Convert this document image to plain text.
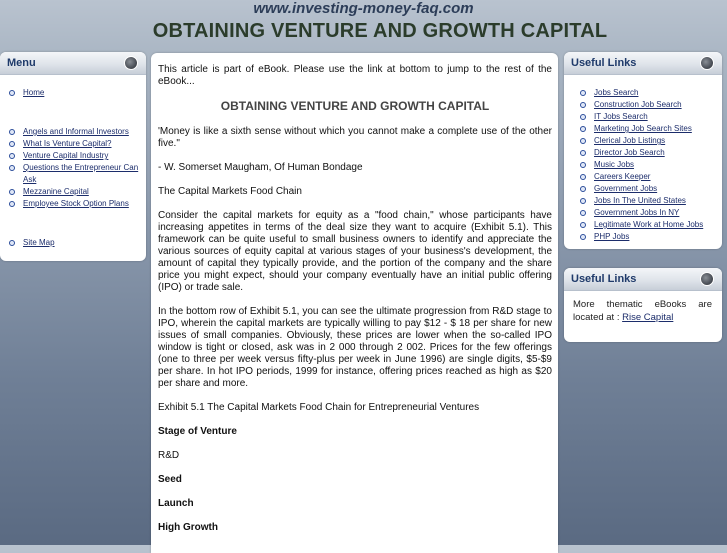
www.investing-money-faq.com
OBTAINING VENTURE AND GROWTH CAPITAL
Menu
Home
Angels and Informal Investors
What Is Venture Capital?
Venture Capital Industry
Questions the Entrepreneur Can Ask
Mezzanine Capital
Employee Stock Option Plans
Site Map

This article is part of eBook. Please use the link at bottom to jump to the rest of the eBook...

OBTAINING VENTURE AND GROWTH CAPITAL

'Money is like a sixth sense without which you cannot make a complete use of the other five."

- W. Somerset Maugham, Of Human Bondage

The Capital Markets Food Chain

Consider the capital markets for equity as a "food chain," whose participants have increasing appetites in terms of the deal size they want to acquire (Exhibit 5.1). This framework can be quite useful to small business owners to identify and appreciate the various sources of equity capital at various stages of your business's development, the amount of capital they typically provide, and the portion of the company and the share price you might expect, should your company eventually have an initial public offering (IPO) or trade sale.

In the bottom row of Exhibit 5.1, you can see the ultimate progression from R&D stage to IPO, wherein the capital markets are typically willing to pay $12 - $ 18 per share for new issues of small companies. Obviously, these prices are lower when the so-called IPO window is tight or closed, ask was in 2 000 through 2 002. Prices for the few offerings (one to three per week versus fifty-plus per week in June 1996) are single digits, $5-$9 per share. In hot IPO periods, 1999 for instance, offering prices reached as high as $20 per share and more.

Exhibit 5.1 The Capital Markets Food Chain for Entrepreneurial Ventures

Stage of Venture

R&D

Seed

Launch

High Growth

Useful Links
Jobs Search
Construction Job Search
IT Jobs Search
Marketing Job Search Sites
Clerical Job Listings
Director Job Search
Music Jobs
Careers Keeper
Government Jobs
Jobs In The United States
Government Jobs In NY
Legitimate Work at Home Jobs
PHP Jobs
Useful Links
More thematic eBooks are located at : Rise Capital
